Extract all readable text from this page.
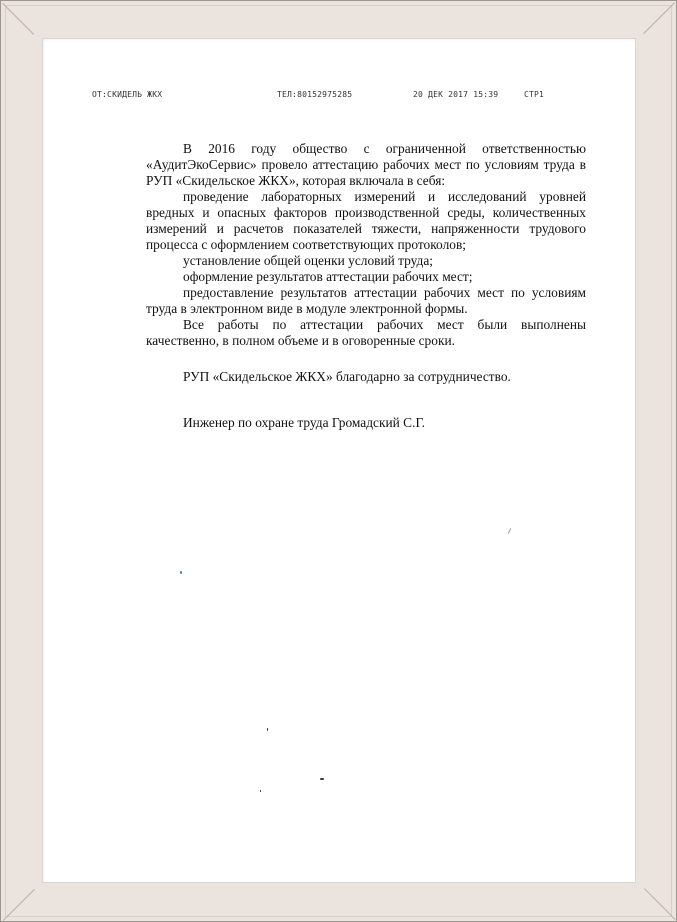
ОТ:СКИДЕЛЬ ЖКХ	ТЕЛ:80152975285	20 ДЕК 2017 15:39	СТР1

В 2016 году общество с ограниченной ответственностью «АудитЭкоСервис» провело аттестацию рабочих мест по условиям труда в РУП «Скидельское ЖКХ», которая включала в себя:

проведение лабораторных измерений и исследований уровней вредных и опасных факторов производственной среды, количественных измерений и расчетов показателей тяжести, напряженности трудового процесса с оформлением соответствующих протоколов;

установление общей оценки условий труда;

оформление результатов аттестации рабочих мест;

предоставление результатов аттестации рабочих мест по условиям труда в электронном виде в модуле электронной формы.

Все работы по аттестации рабочих мест были выполнены качественно, в полном объеме и в оговоренные сроки.

РУП «Скидельское ЖКХ» благодарно за сотрудничество.

Инженер по охране труда Громадский С.Г.
